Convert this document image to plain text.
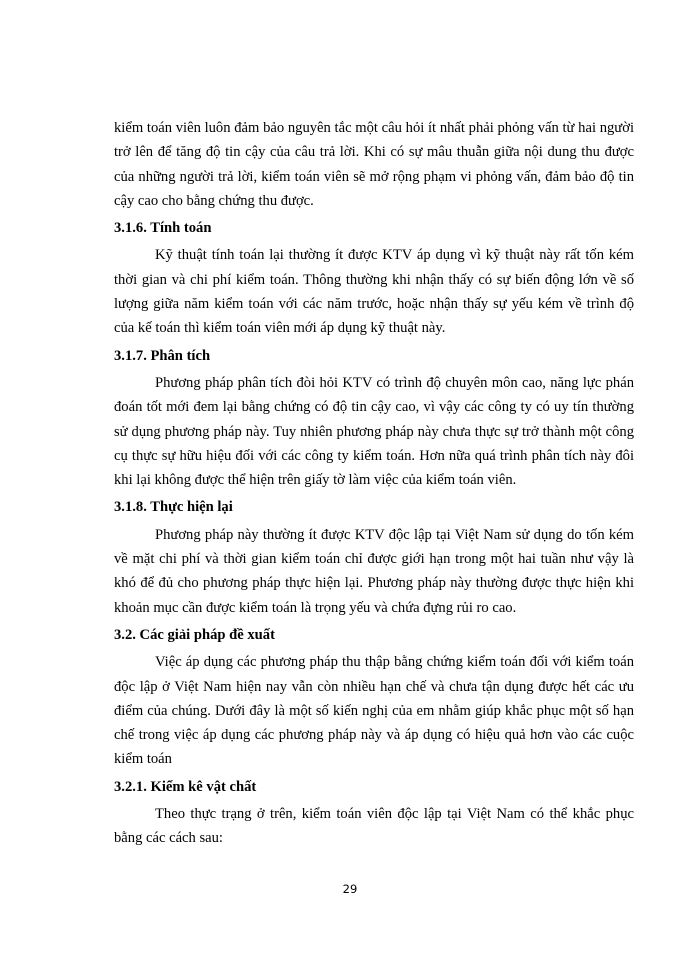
kiểm toán viên luôn đảm bảo nguyên tắc một câu hỏi ít nhất phải phỏng vấn từ hai người trở lên để tăng độ tin cậy của câu trả lời. Khi có sự mâu thuẫn giữa nội dung thu được của những người trả lời, kiểm toán viên sẽ mở rộng phạm vi phỏng vấn, đảm bảo độ tin cậy cao cho bằng chứng thu được.

3.1.6. Tính toán

Kỹ thuật tính toán lại thường ít được KTV áp dụng vì kỹ thuật này rất tốn kém thời gian và chi phí kiểm toán. Thông thường khi nhận thấy có sự biến động lớn về số lượng giữa năm kiểm toán với các năm trước, hoặc nhận thấy sự yếu kém về trình độ của kế toán thì kiểm toán viên mới áp dụng kỹ thuật này.

3.1.7. Phân tích

Phương pháp phân tích đòi hỏi KTV có trình độ chuyên môn cao, năng lực phán đoán tốt mới đem lại bằng chứng có độ tin cậy cao, vì vậy các công ty có uy tín thường sử dụng phương pháp này. Tuy nhiên phương pháp này chưa thực sự trở thành một công cụ thực sự hữu hiệu đối với các công ty kiểm toán. Hơn nữa quá trình phân tích này đôi khi lại không được thể hiện trên giấy tờ làm việc của kiểm toán viên.

3.1.8. Thực hiện lại

Phương pháp này thường ít được KTV độc lập tại Việt Nam sử dụng do tốn kém về mặt chi phí và thời gian kiểm toán chỉ được giới hạn trong một hai tuần như vậy là khó để đủ cho phương pháp thực hiện lại. Phương pháp này thường được thực hiện khi khoản mục cần được kiểm toán là trọng yếu và chứa đựng rủi ro cao.

3.2. Các giải pháp đề xuất

Việc áp dụng các phương pháp thu thập bằng chứng kiểm toán đối với kiểm toán độc lập ở Việt Nam hiện nay vẫn còn nhiều hạn chế và chưa tận dụng được hết các ưu điểm của chúng. Dưới đây là một số kiến nghị của em nhằm giúp khắc phục một số hạn chế trong việc áp dụng các phương pháp này và áp dụng có hiệu quả hơn vào các cuộc kiểm toán

3.2.1. Kiểm kê vật chất

Theo thực trạng ở trên, kiểm toán viên độc lập tại Việt Nam có thể khắc phục bằng các cách sau:

29
